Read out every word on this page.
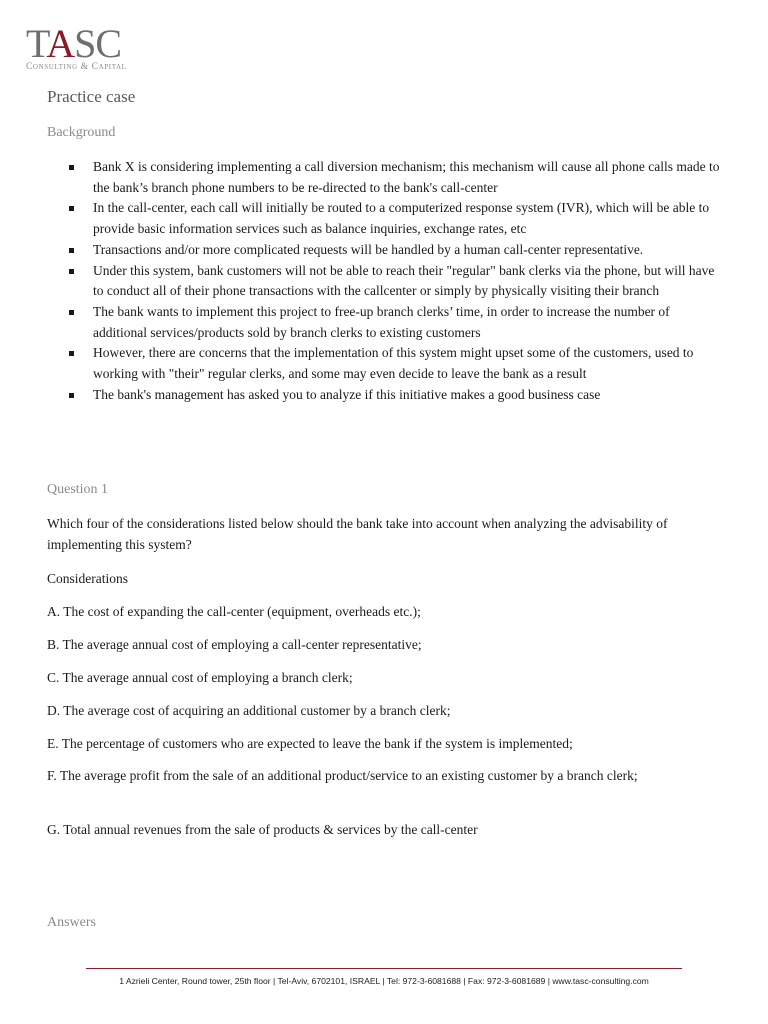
TASC
Consulting & Capital
Practice case
Background
Bank X is considering implementing a call diversion mechanism; this mechanism will cause all phone calls made to the bank’s branch phone numbers to be re-directed to the bank's call-center
In the call-center, each call will initially be routed to a computerized response system (IVR), which will be able to provide basic information services such as balance inquiries, exchange rates, etc
Transactions and/or more complicated requests will be handled by a human call-center representative.
Under this system, bank customers will not be able to reach their "regular" bank clerks via the phone, but will have to conduct all of their phone transactions with the callcenter or simply by physically visiting their branch
The bank wants to implement this project to free-up branch clerks’ time, in order to increase the number of additional services/products sold by branch clerks to existing customers
However, there are concerns that the implementation of this system might upset some of the customers, used to working with "their" regular clerks, and some may even decide to leave the bank as a result
The bank's management has asked you to analyze if this initiative makes a good business case
Question 1

Which four of the considerations listed below should the bank take into account when analyzing the advisability of implementing this system?

Considerations

A. The cost of expanding the call-center (equipment, overheads etc.);

B. The average annual cost of employing a call-center representative;

C. The average annual cost of employing a branch clerk;

D. The average cost of acquiring an additional customer by a branch clerk;

E. The percentage of customers who are expected to leave the bank if the system is implemented;

F. The average profit from the sale of an additional product/service to an existing customer by a branch clerk;

G. Total annual revenues from the sale of products & services by the call-center

Answers
1 Azrieli Center, Round tower, 25th floor | Tel-Aviv, 6702101, ISRAEL | Tel: 972-3-6081688 | Fax: 972-3-6081689 | www.tasc-consulting.com
